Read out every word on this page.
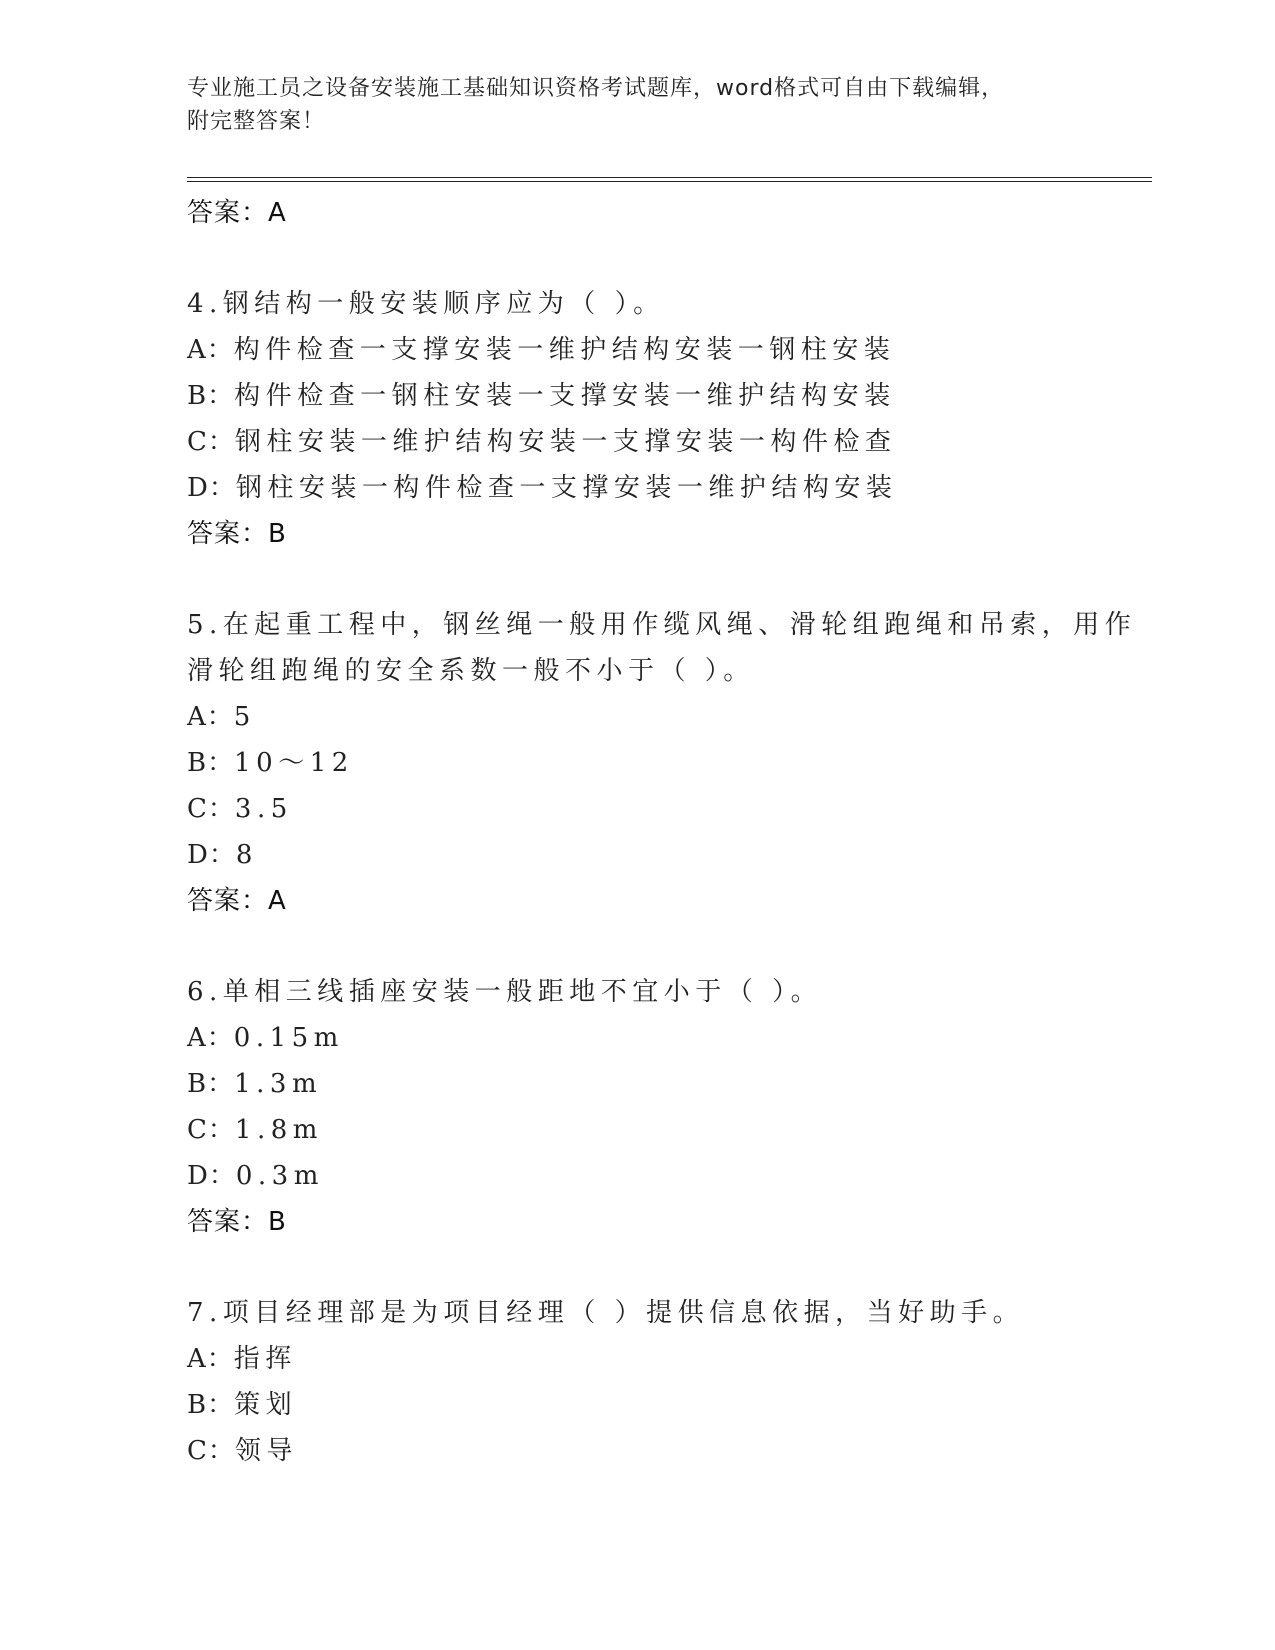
专业施工员之设备安装施工基础知识资格考试题库，word格式可自由下载编辑，
附完整答案！
答案：A
4.钢结构一般安装顺序应为（ ）。
A：构件检查一支撑安装一维护结构安装一钢柱安装
B：构件检查一钢柱安装一支撑安装一维护结构安装
C：钢柱安装一维护结构安装一支撑安装一构件检查
D：钢柱安装一构件检查一支撑安装一维护结构安装
答案：B
5.在起重工程中，钢丝绳一般用作缆风绳、滑轮组跑绳和吊索，用作
滑轮组跑绳的安全系数一般不小于（ ）。
A：5
B：10～12
C：3.5
D：8
答案：A
6.单相三线插座安装一般距地不宜小于（ ）。
A：0.15m
B：1.3m
C：1.8m
D：0.3m
答案：B
7.项目经理部是为项目经理（ ）提供信息依据，当好助手。
A：指挥
B：策划
C：领导
